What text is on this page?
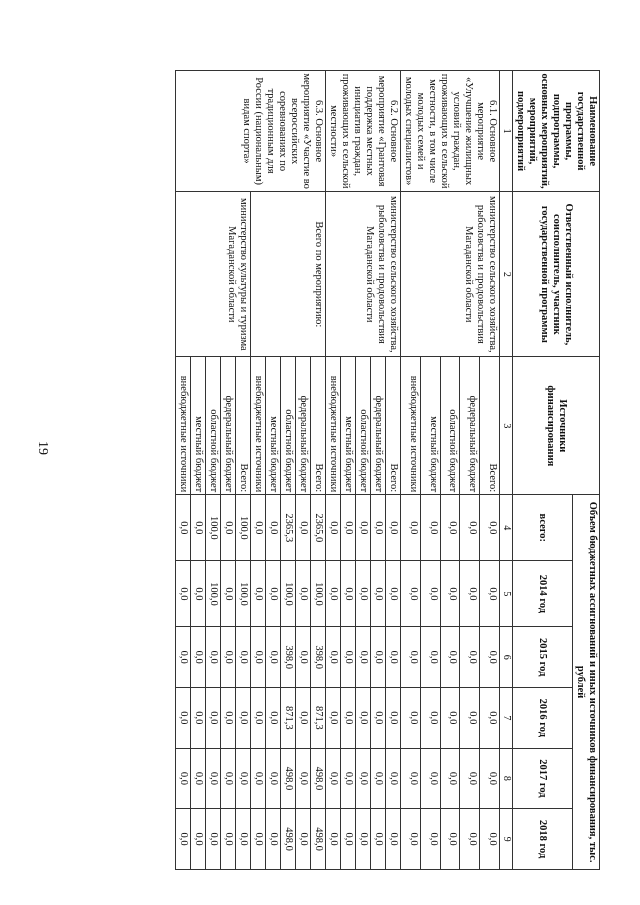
19
Наименование государственной программы, подпрограммы, основных мероприятий, мероприятий, подмероприятий	Ответственный исполнитель, соисполнитель, участник государственной программы	Источники финансирования	Объем бюджетных ассигнований и иных источников финансирования, тыс. рублей					
			всего:	2014 год	2015 год	2016 год	2017 год	2018 год
1	2	3	4	5	6	7	8	9
6.1. Основное мероприятие «Улучшение жилищных условий граждан, проживающих в сельской местности, в том числе молодых семей и молодых специалистов»	министерство сельского хозяйства, рыболовства и продовольствия Магаданской области	Всего:	0,0	0,0	0,0	0,0	0,0	0,0
		федеральный бюджет	0,0	0,0	0,0	0,0	0,0	0,0
		областной бюджет	0,0	0,0	0,0	0,0	0,0	0,0
		местный бюджет	0,0	0,0	0,0	0,0	0,0	0,0
		внебюджетные источники	0,0	0,0	0,0	0,0	0,0	0,0
6.2. Основное мероприятие «Грантовая поддержка местных инициатив граждан, проживающих в сельской местности»	министерство сельского хозяйства, рыболовства и продовольствия Магаданской области	Всего:	0,0	0,0	0,0	0,0	0,0	0,0
		федеральный бюджет	0,0	0,0	0,0	0,0	0,0	0,0
		областной бюджет	0,0	0,0	0,0	0,0	0,0	0,0
		местный бюджет	0,0	0,0	0,0	0,0	0,0	0,0
		внебюджетные источники	0,0	0,0	0,0	0,0	0,0	0,0
6.3. Основное мероприятие «Участие во всероссийских соревнованиях по традиционным для России (национальным) видам спорта»	Всего по мероприятию:	Всего:	2365,0	100,0	398,0	871,3	498,0	498,0
		федеральный бюджет	0,0	0,0	0,0	0,0	0,0	0,0
		областной бюджет	2365,3	100,0	398,0	871,3	498,0	498,0
		местный бюджет	0,0	0,0	0,0	0,0	0,0	0,0
		внебюджетные источники	0,0	0,0	0,0	0,0	0,0	0,0
	министерство культуры и туризма Магаданской области	Всего:	100,0	100,0	0,0	0,0	0,0	0,0
		федеральный бюджет	0,0	0,0	0,0	0,0	0,0	0,0
		областной бюджет	100,0	100,0	0,0	0,0	0,0	0,0
		местный бюджет	0,0	0,0	0,0	0,0	0,0	0,0
		внебюджетные источники	0,0	0,0	0,0	0,0	0,0	0,0
